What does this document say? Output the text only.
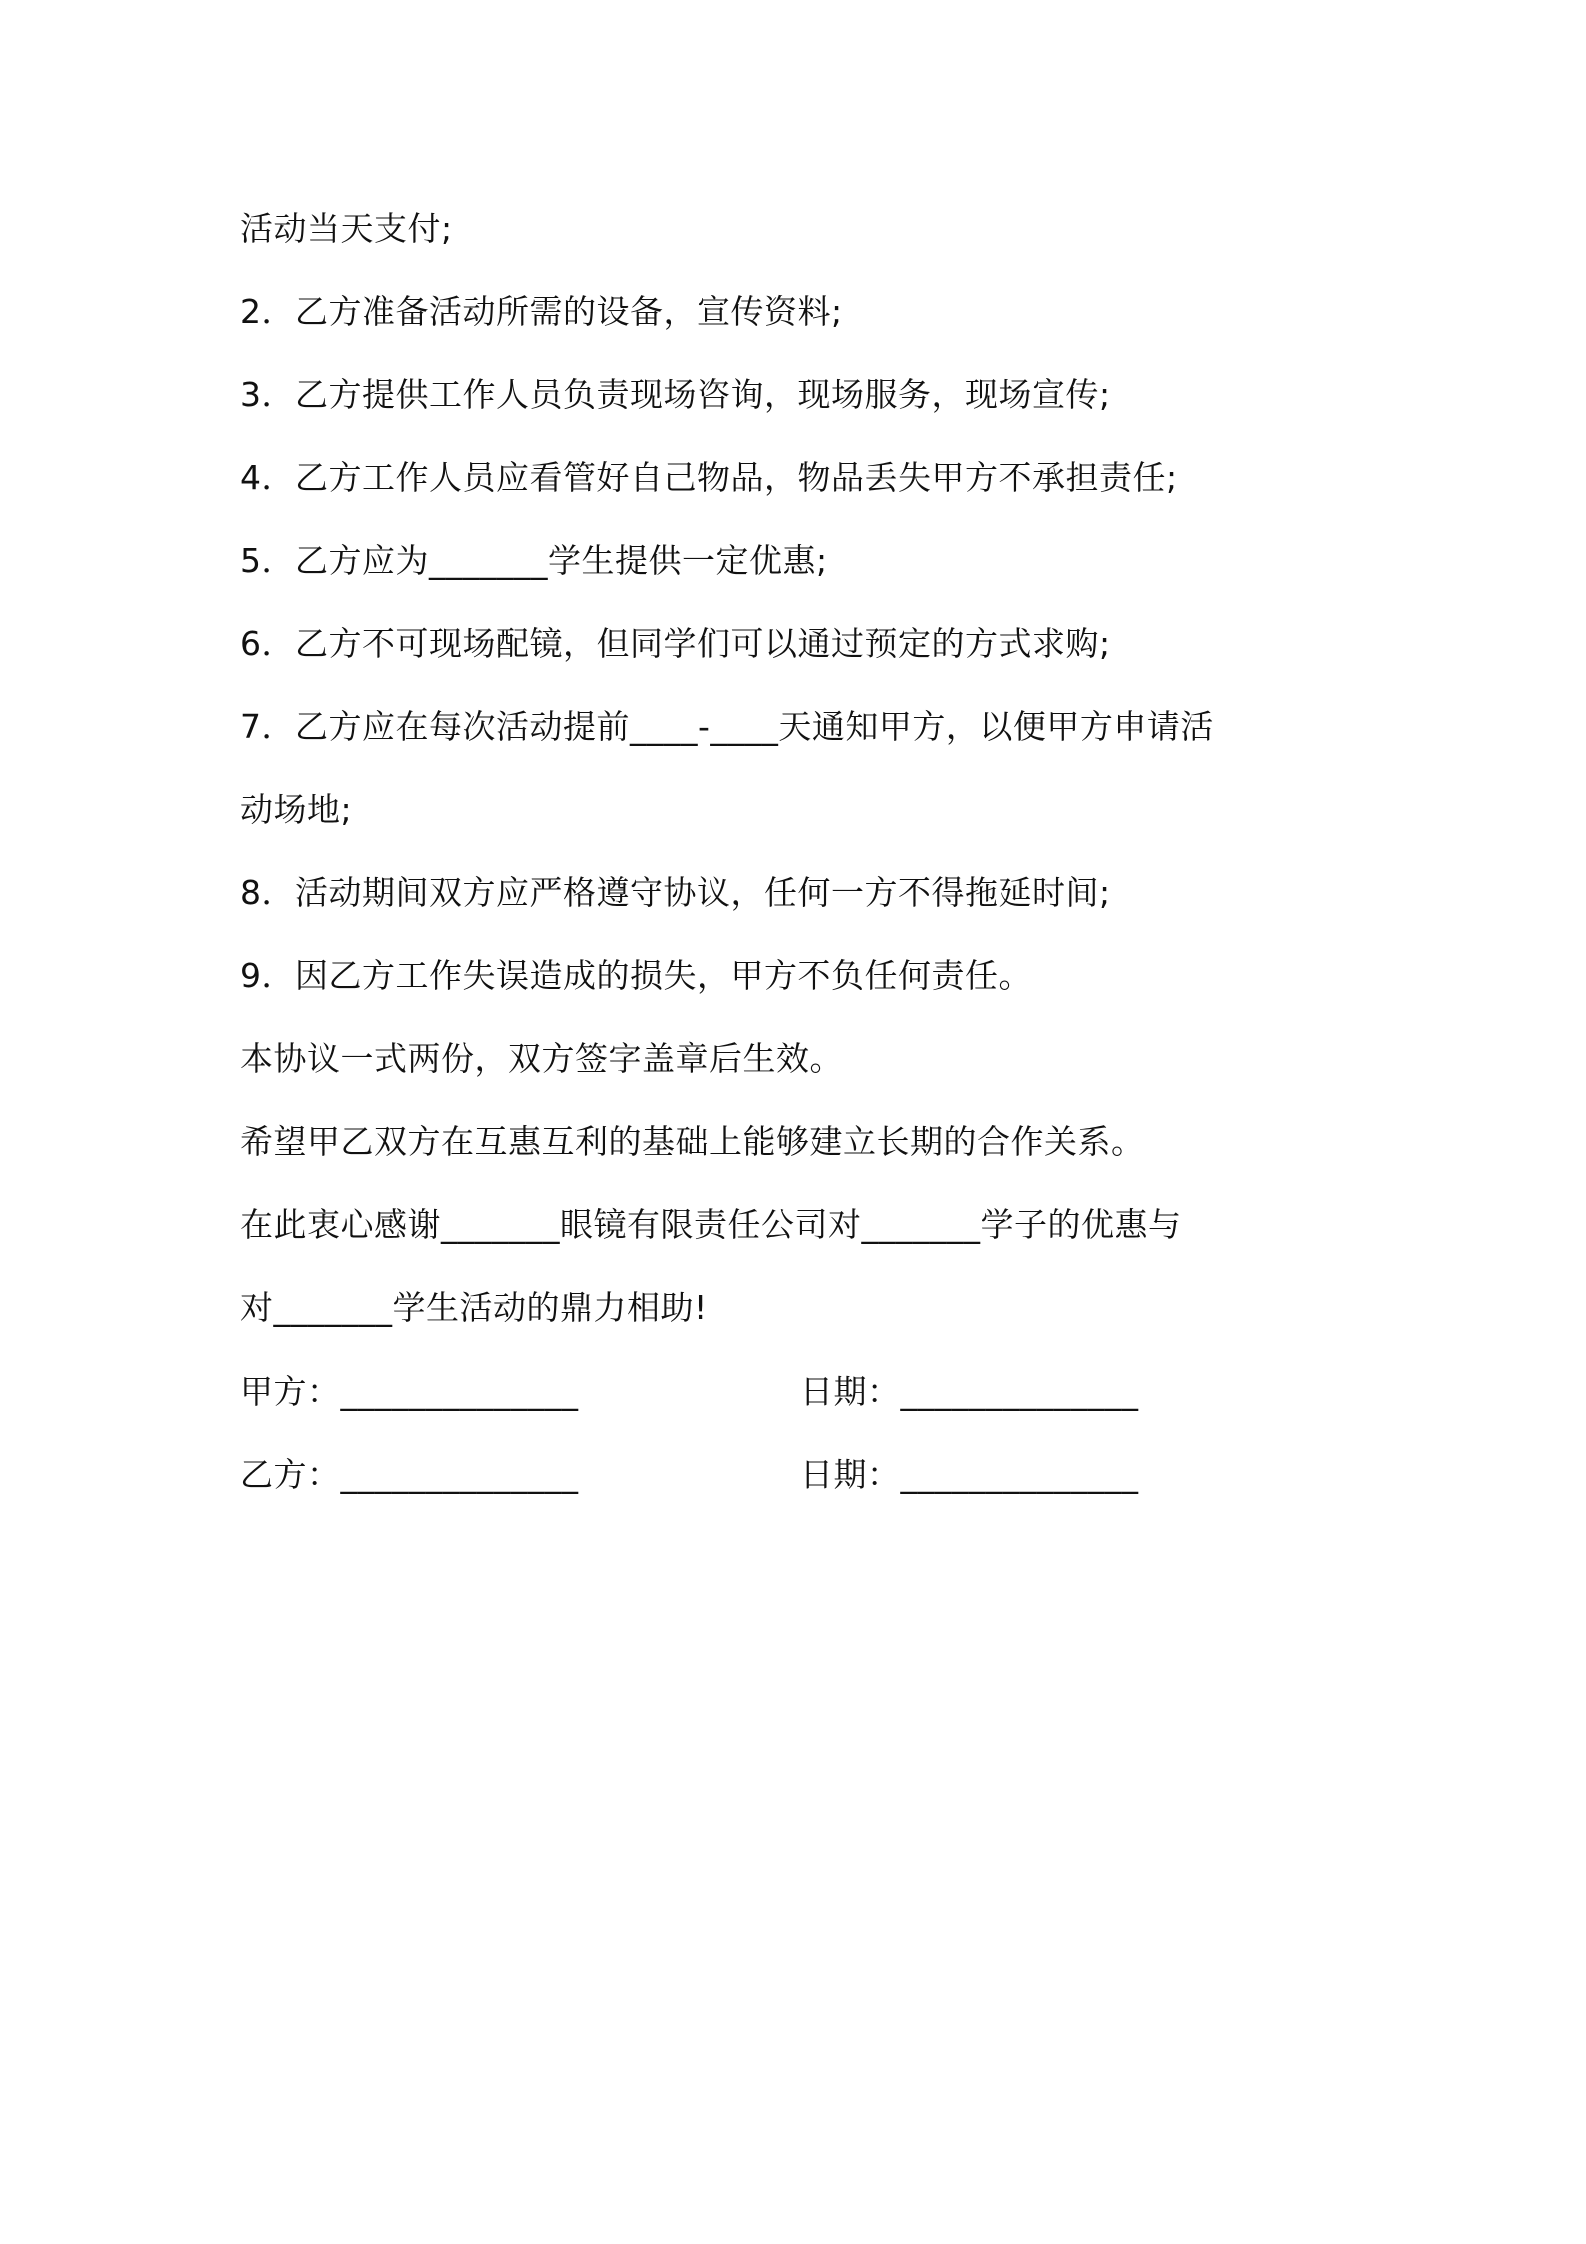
活动当天支付;
2．乙方准备活动所需的设备，宣传资料;
3．乙方提供工作人员负责现场咨询，现场服务，现场宣传;
4．乙方工作人员应看管好自己物品，物品丢失甲方不承担责任;
5．乙方应为_______学生提供一定优惠;
6．乙方不可现场配镜，但同学们可以通过预定的方式求购;
7．乙方应在每次活动提前____-____天通知甲方，以便甲方申请活
动场地;
8．活动期间双方应严格遵守协议，任何一方不得拖延时间;
9．因乙方工作失误造成的损失，甲方不负任何责任。
本协议一式两份，双方签字盖章后生效。
希望甲乙双方在互惠互利的基础上能够建立长期的合作关系。
在此衷心感谢_______眼镜有限责任公司对_______学子的优惠与
对_______学生活动的鼎力相助!
甲方：______________	日期：______________
乙方：______________	日期：______________
